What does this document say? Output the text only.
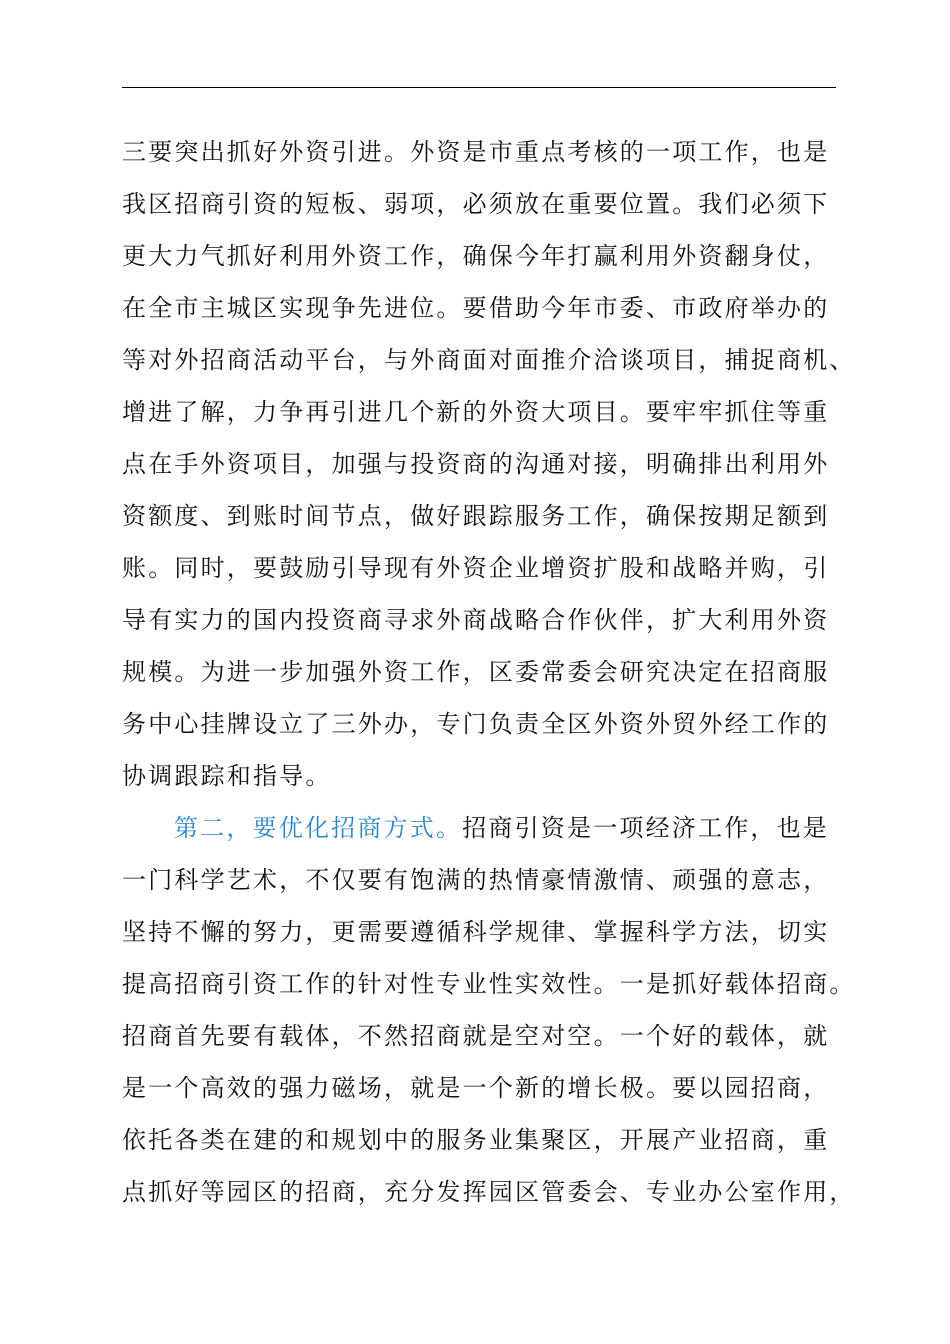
三要突出抓好外资引进。外资是市重点考核的一项工作，也是
我区招商引资的短板、弱项，必须放在重要位置。我们必须下
更大力气抓好利用外资工作，确保今年打赢利用外资翻身仗，
在全市主城区实现争先进位。要借助今年市委、市政府举办的
等对外招商活动平台，与外商面对面推介洽谈项目，捕捉商机、
增进了解，力争再引进几个新的外资大项目。要牢牢抓住等重
点在手外资项目，加强与投资商的沟通对接，明确排出利用外
资额度、到账时间节点，做好跟踪服务工作，确保按期足额到
账。同时，要鼓励引导现有外资企业增资扩股和战略并购，引
导有实力的国内投资商寻求外商战略合作伙伴，扩大利用外资
规模。为进一步加强外资工作，区委常委会研究决定在招商服
务中心挂牌设立了三外办，专门负责全区外资外贸外经工作的
协调跟踪和指导。
第二，要优化招商方式。招商引资是一项经济工作，也是
一门科学艺术，不仅要有饱满的热情豪情激情、顽强的意志，
坚持不懈的努力，更需要遵循科学规律、掌握科学方法，切实
提高招商引资工作的针对性专业性实效性。一是抓好载体招商。
招商首先要有载体，不然招商就是空对空。一个好的载体，就
是一个高效的强力磁场，就是一个新的增长极。要以园招商，
依托各类在建的和规划中的服务业集聚区，开展产业招商，重
点抓好等园区的招商，充分发挥园区管委会、专业办公室作用，
